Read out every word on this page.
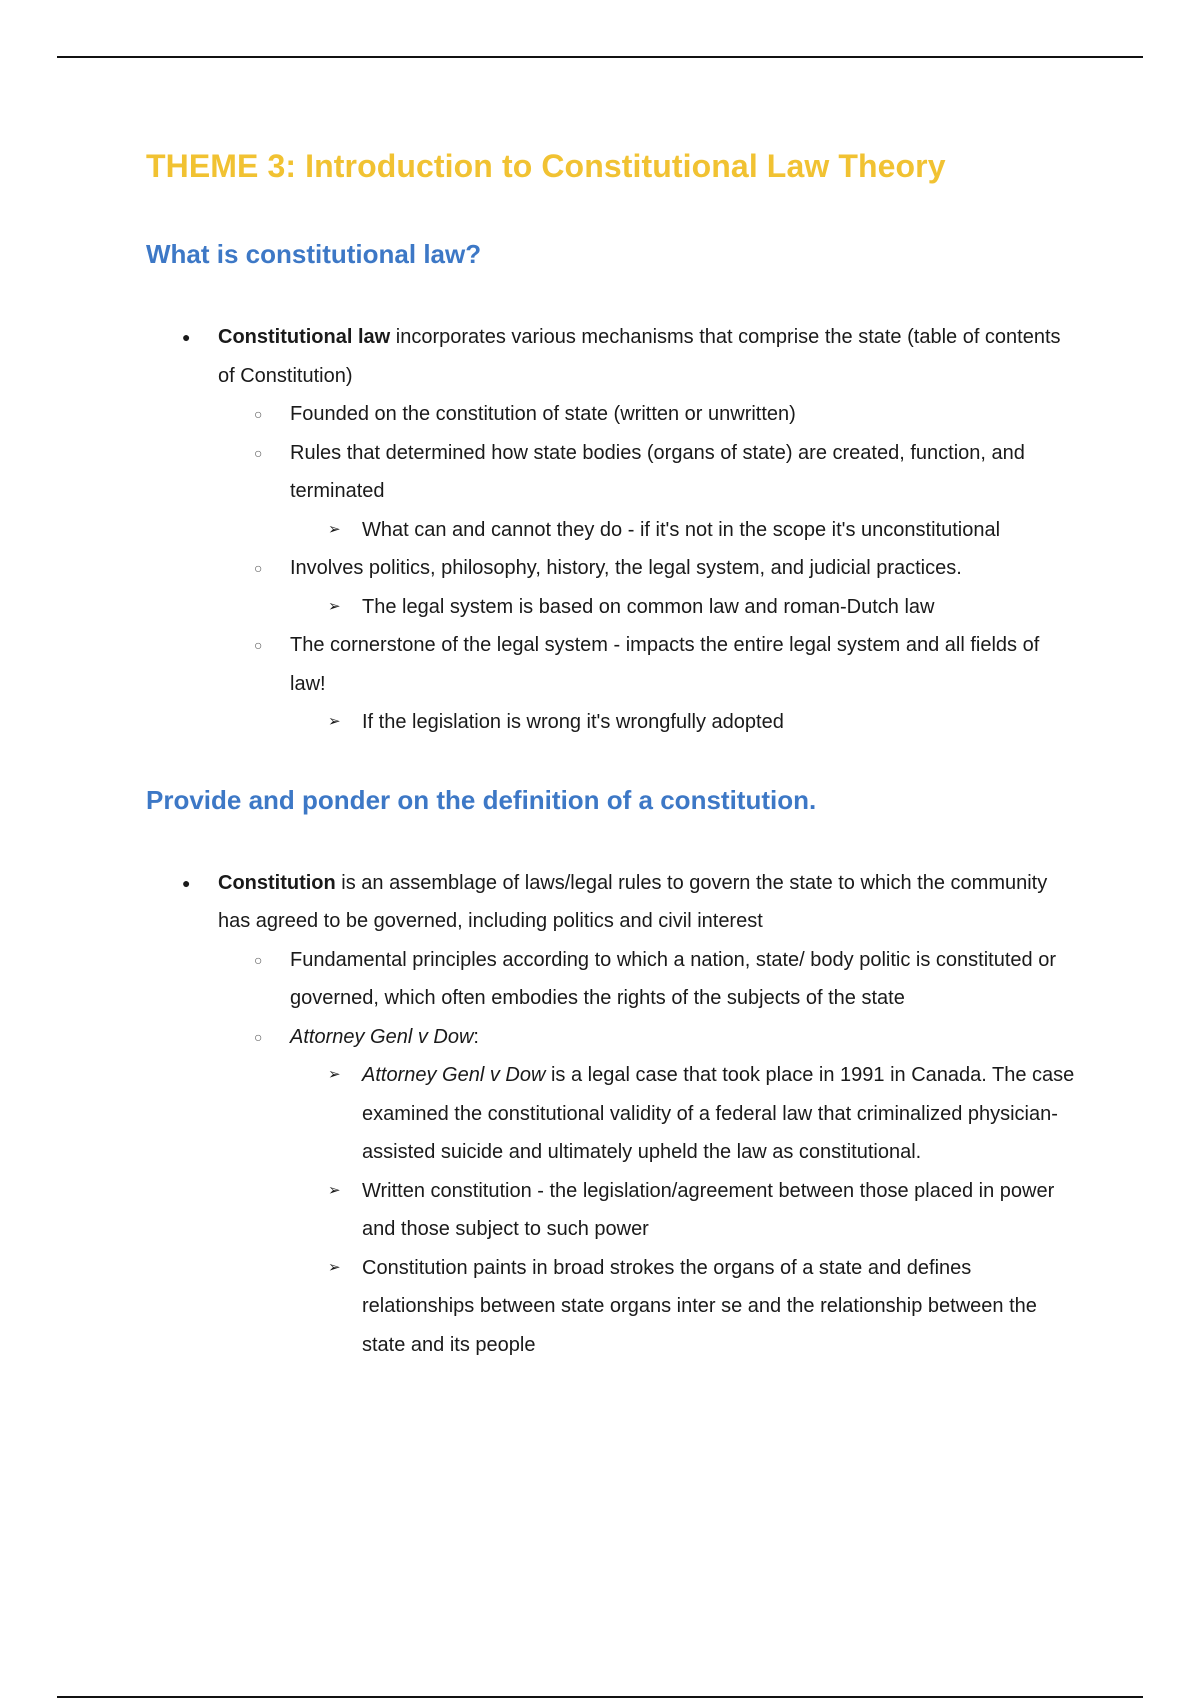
THEME 3: Introduction to Constitutional Law Theory
What is constitutional law?
● Constitutional law incorporates various mechanisms that comprise the state (table of contents of Constitution)
○ Founded on the constitution of state (written or unwritten)
○ Rules that determined how state bodies (organs of state) are created, function, and terminated
➢ What can and cannot they do - if it's not in the scope it's unconstitutional
○ Involves politics, philosophy, history, the legal system, and judicial practices.
➢ The legal system is based on common law and roman-Dutch law
○ The cornerstone of the legal system - impacts the entire legal system and all fields of law!
➢ If the legislation is wrong it's wrongfully adopted
Provide and ponder on the definition of a constitution.
● Constitution is an assemblage of laws/legal rules to govern the state to which the community has agreed to be governed, including politics and civil interest
○ Fundamental principles according to which a nation, state/ body politic is constituted or governed, which often embodies the rights of the subjects of the state
○ Attorney Genl v Dow:
➢ Attorney Genl v Dow is a legal case that took place in 1991 in Canada. The case examined the constitutional validity of a federal law that criminalized physician-assisted suicide and ultimately upheld the law as constitutional.
➢ Written constitution - the legislation/agreement between those placed in power and those subject to such power
➢ Constitution paints in broad strokes the organs of a state and defines relationships between state organs inter se and the relationship between the state and its people
